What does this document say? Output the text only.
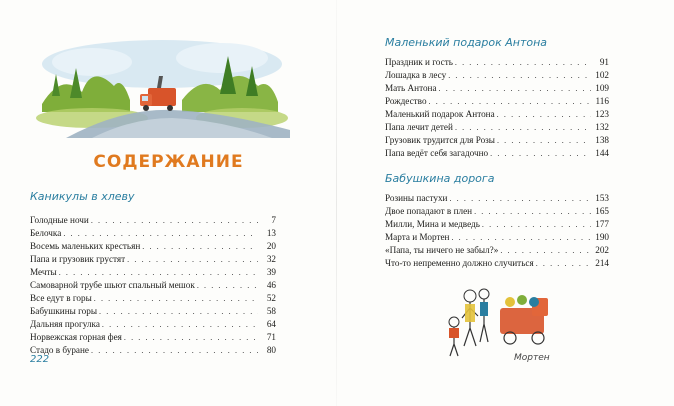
СОДЕРЖАНИЕ
Каникулы в хлеву
Голодные ночи . . .	7
Белочка . . .	13
Восемь маленьких крестьян . . .	20
Папа и грузовик грустят . . .	32
Мечты . . .	39
Самоварной трубе шьют спальный мешок . . .	46
Все едут в горы . . .	52
Бабушкины горы . . .	58
Дальняя прогулка . . .	64
Норвежская горная фея . . .	71
Стадо в буране . . .	80
222
Маленький подарок Антона
Праздник и гость . . .	91
Лошадка в лесу . . .	102
Мать Антона . . .	109
Рождество . . .	116
Маленький подарок Антона . . .	123
Папа лечит детей . . .	132
Грузовик трудится для Розы . . .	138
Папа ведёт себя загадочно . . .	144
Бабушкина дорога
Розины пастухи . . .	153
Двое попадают в плен . . .	165
Милли, Мина и медведь . . .	177
Марта и Мортен . . .	190
«Папа, ты ничего не забыл?» . . .	202
Что-то непременно должно случиться . . .	214
Мортен
